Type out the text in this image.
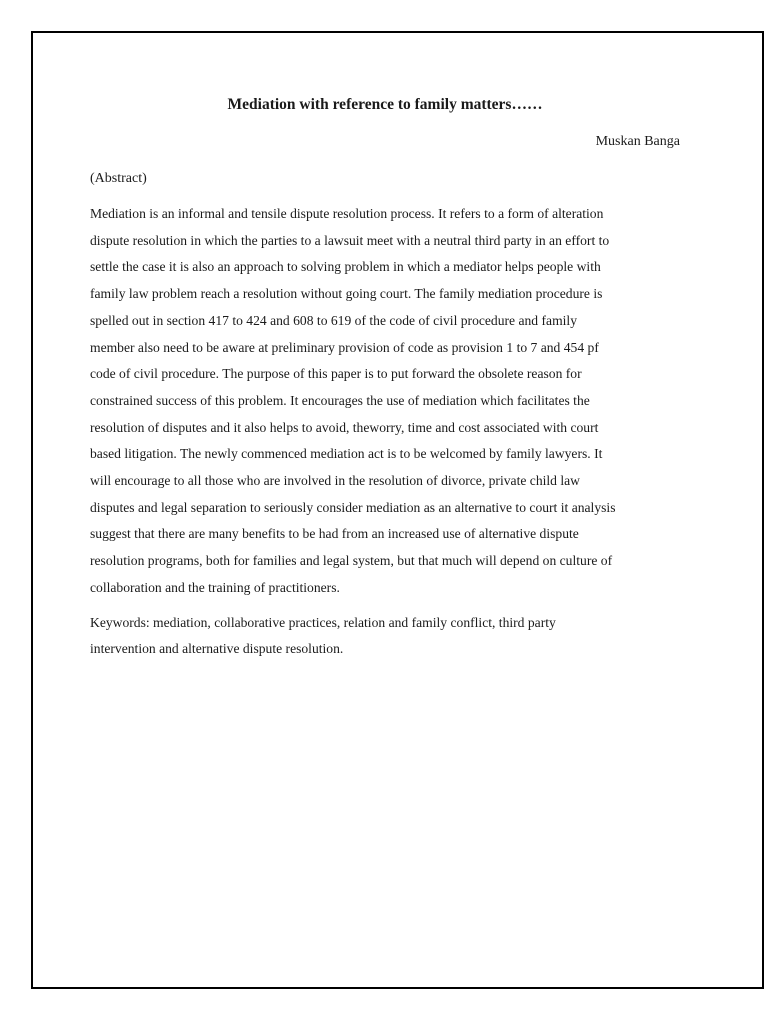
Mediation with reference to family matters……

Muskan Banga

(Abstract)

Mediation is an informal and tensile dispute resolution process. It refers to a form of alteration
dispute resolution in which the parties to a lawsuit meet with a neutral third party in an effort to
settle the case it is also an approach to solving problem in which a mediator helps people with
family law problem reach a resolution without going court. The family mediation procedure is
spelled out in section 417 to 424 and 608 to 619 of the code of civil procedure and family
member also need to be aware at preliminary provision of code as provision 1 to 7 and 454 pf
code of civil procedure. The purpose of this paper is to put forward the obsolete reason for
constrained success of this problem. It encourages the use of mediation which facilitates the
resolution of disputes and it also helps to avoid, theworry, time and cost associated with court
based litigation. The newly commenced mediation act is to be welcomed by family lawyers. It
will encourage to all those who are involved in the resolution of divorce, private child law
disputes and legal separation to seriously consider mediation as an alternative to court it analysis
suggest that there are many benefits to be had from an increased use of alternative dispute
resolution programs, both for families and legal system, but that much will depend on culture of
collaboration and the training of practitioners.

Keywords: mediation, collaborative practices, relation and family conflict, third party
intervention and alternative dispute resolution.
